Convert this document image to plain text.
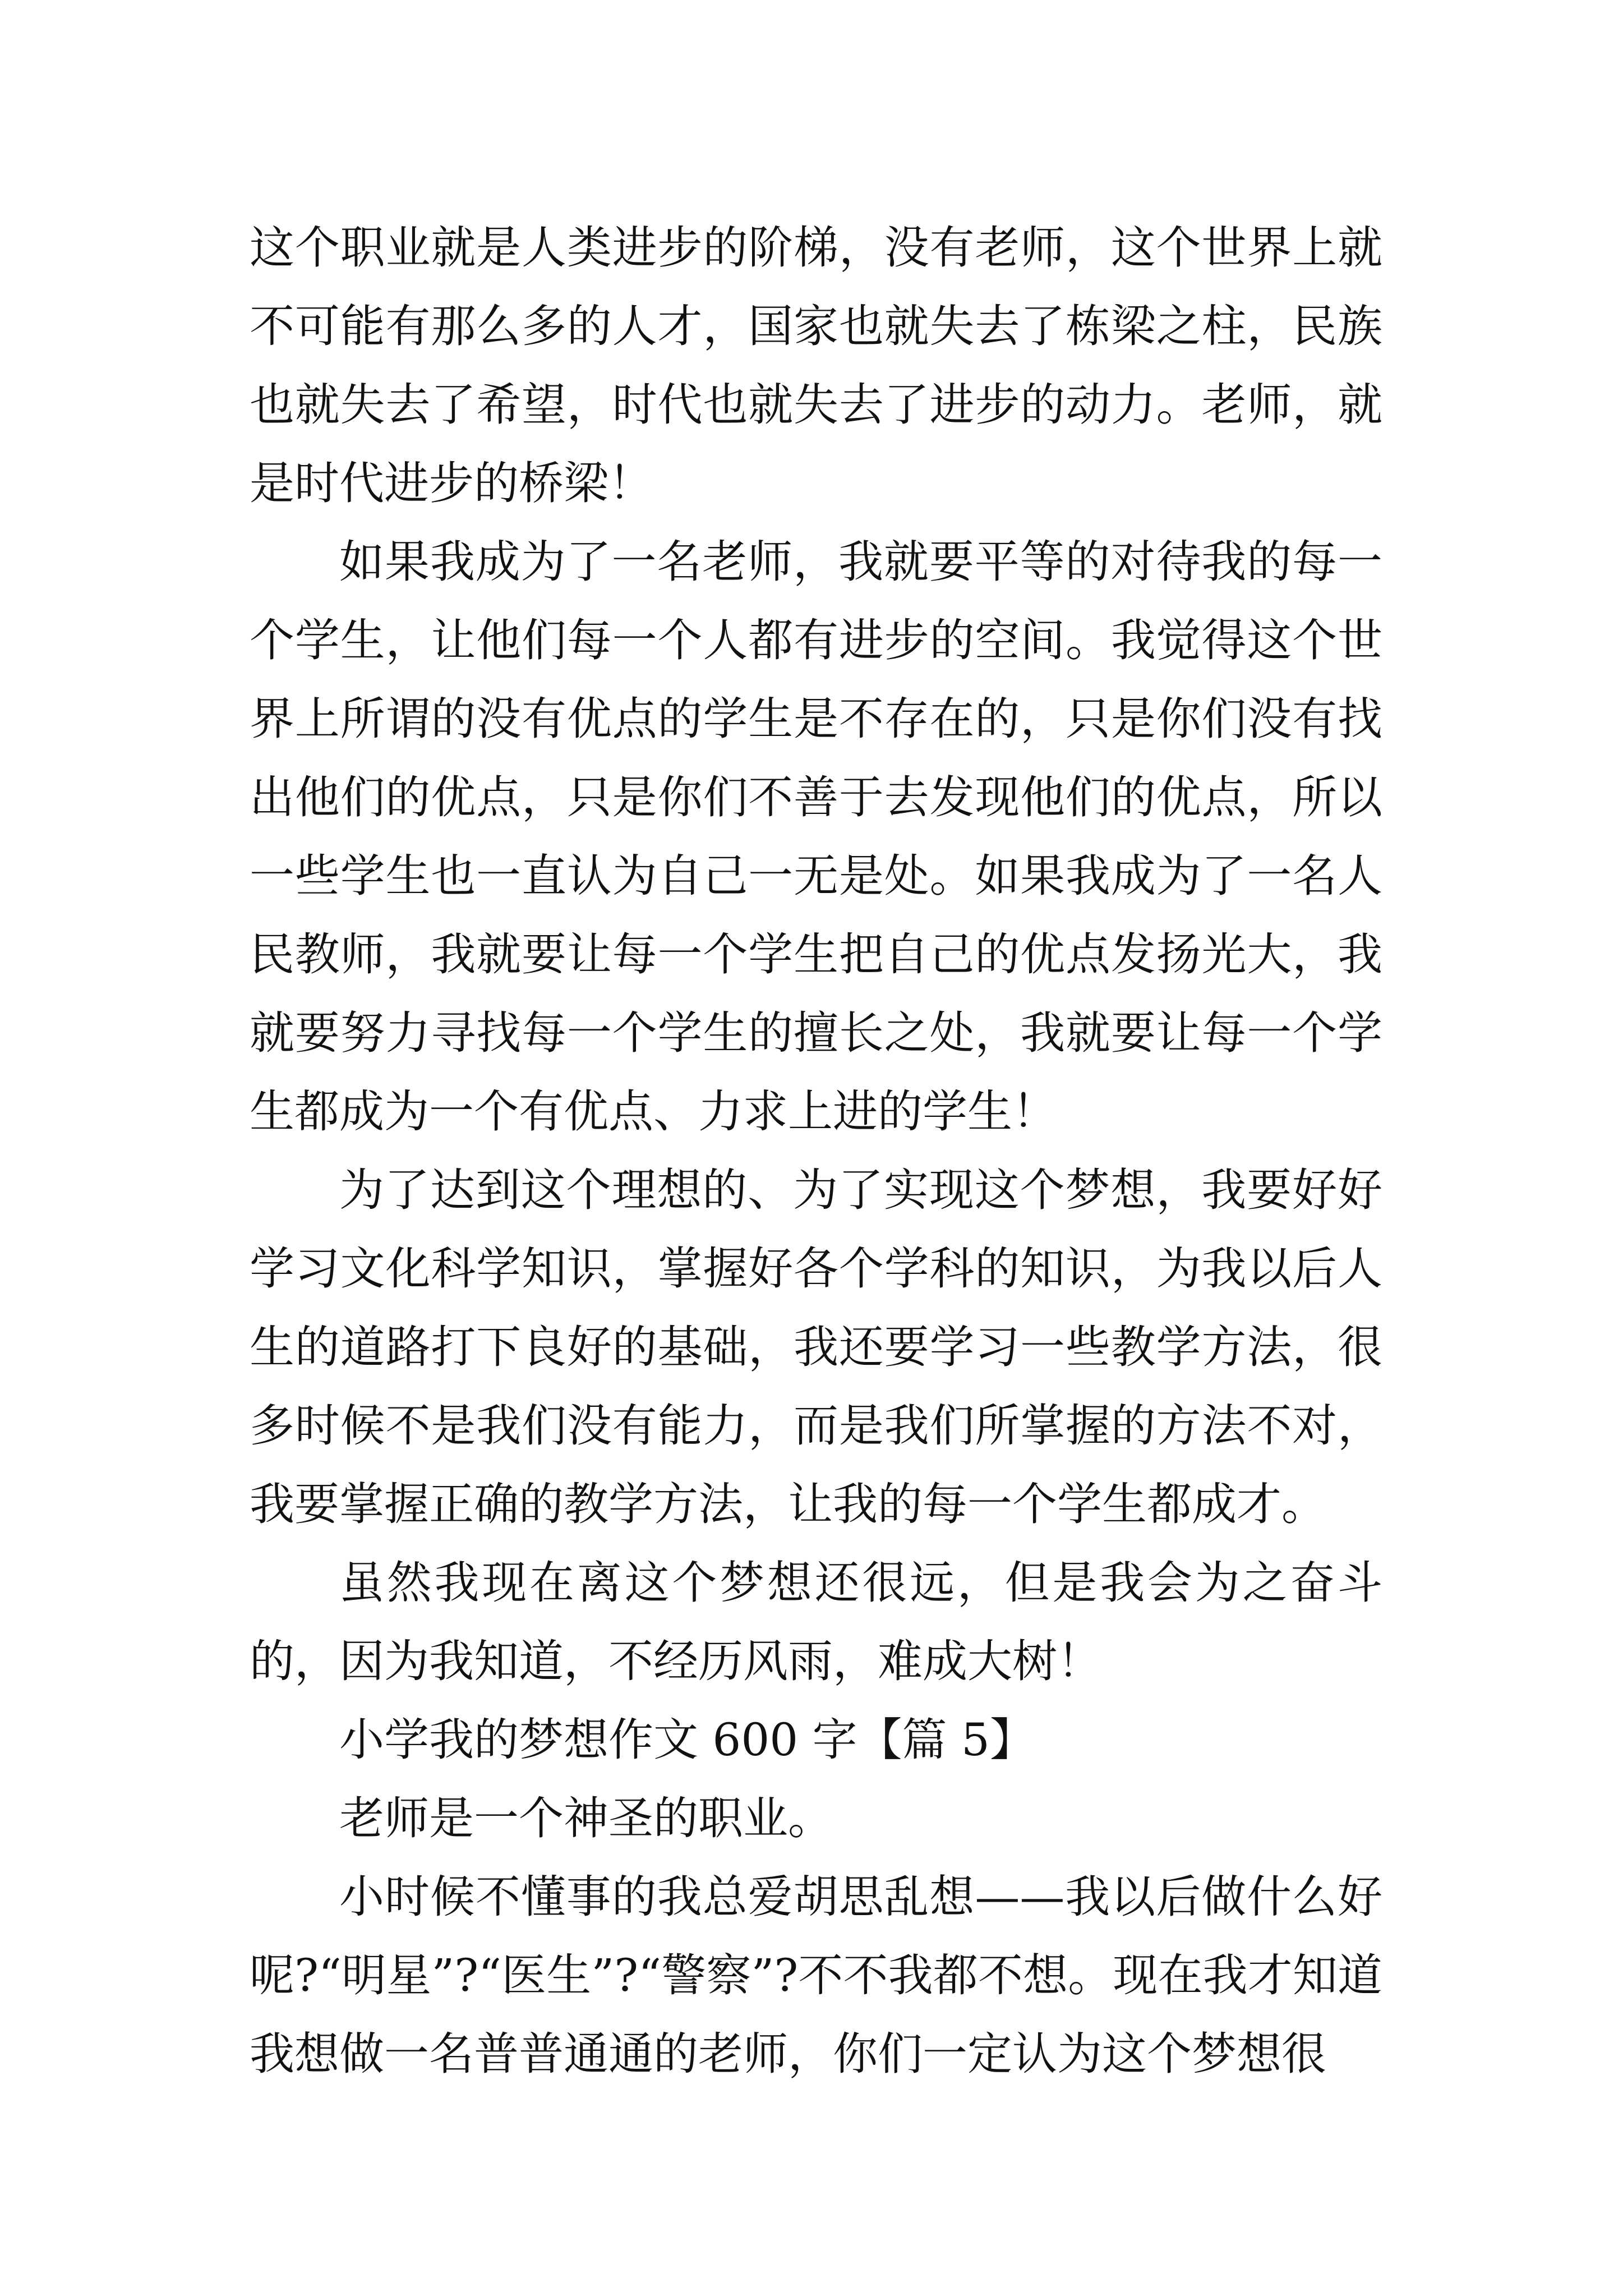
这个职业就是人类进步的阶梯，没有老师，这个世界上就不可能有那么多的人才，国家也就失去了栋梁之柱，民族也就失去了希望，时代也就失去了进步的动力。老师，就是时代进步的桥梁！

如果我成为了一名老师，我就要平等的对待我的每一个学生，让他们每一个人都有进步的空间。我觉得这个世界上所谓的没有优点的学生是不存在的，只是你们没有找出他们的优点，只是你们不善于去发现他们的优点，所以一些学生也一直认为自己一无是处。如果我成为了一名人民教师，我就要让每一个学生把自己的优点发扬光大，我就要努力寻找每一个学生的擅长之处，我就要让每一个学生都成为一个有优点、力求上进的学生！

为了达到这个理想的、为了实现这个梦想，我要好好学习文化科学知识，掌握好各个学科的知识，为我以后人生的道路打下良好的基础，我还要学习一些教学方法，很多时候不是我们没有能力，而是我们所掌握的方法不对，我要掌握正确的教学方法，让我的每一个学生都成才。

虽然我现在离这个梦想还很远，但是我会为之奋斗的，因为我知道，不经历风雨，难成大树！

小学我的梦想作文 600 字【篇 5】

老师是一个神圣的职业。

小时候不懂事的我总爱胡思乱想——我以后做什么好呢?“明星”?“医生”?“警察”?不不我都不想。现在我才知道我想做一名普普通通的老师，你们一定认为这个梦想很
